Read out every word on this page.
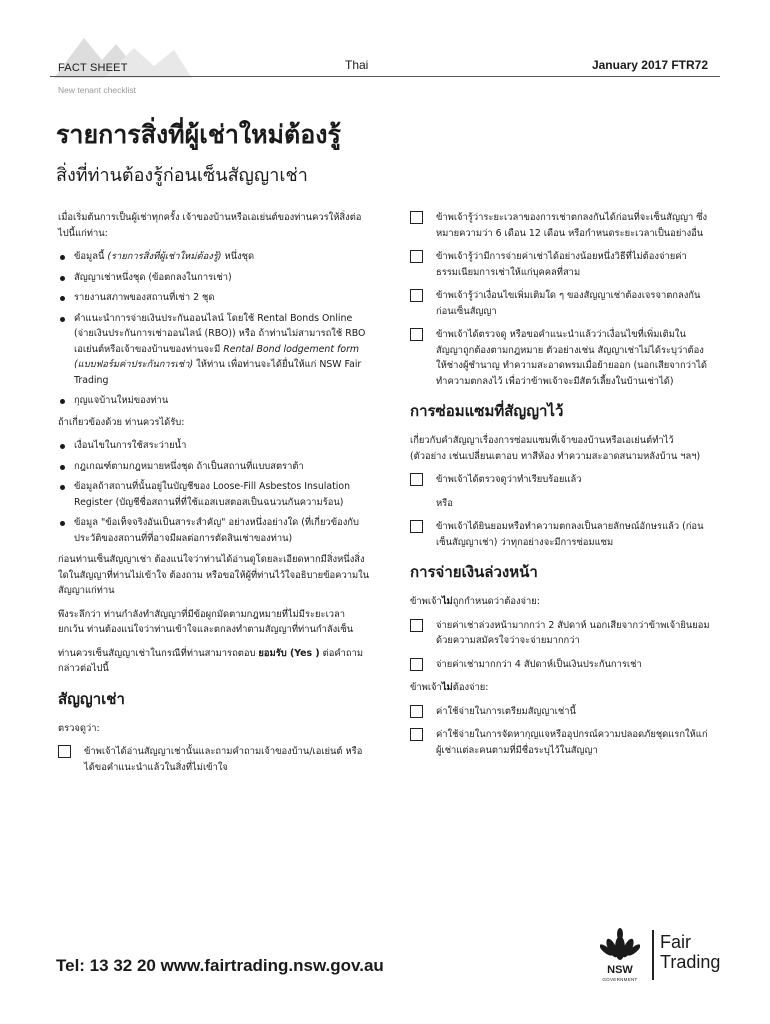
FACT SHEET	Thai	January 2017 FTR72
New tenant checklist
รายการสิ่งที่ผู้เช่าใหม่ต้องรู้
สิ่งที่ท่านต้องรู้ก่อนเซ็นสัญญาเช่า

เมื่อเริ่มต้นการเป็นผู้เช่าทุกครั้ง เจ้าของบ้านหรือเอเย่นต์ของท่านควรให้สิ่งต่อไปนี้แก่ท่าน:

ข้อมูลนี้ (รายการสิ่งที่ผู้เช่าใหม่ต้องรู้) หนึ่งชุด
สัญญาเช่าหนึ่งชุด (ข้อตกลงในการเช่า)
รายงานสภาพของสถานที่เช่า 2 ชุด
คำแนะนำการจ่ายเงินประกันออนไลน์ โดยใช้ Rental Bonds Online (จ่ายเงินประกันการเช่าออนไลน์ (RBO)) หรือ ถ้าท่านไม่สามารถใช้ RBO เอเย่นต์หรือเจ้าของบ้านของท่านจะมี Rental Bond lodgement form (แบบฟอร์มค่าประกันการเช่า) ให้ท่าน เพื่อท่านจะได้ยื่นให้แก่ NSW Fair Trading
กุญแจบ้านใหม่ของท่าน

ถ้าเกี่ยวข้องด้วย ท่านควรได้รับ:

เงื่อนไขในการใช้สระว่ายน้ำ
กฎเกณฑ์ตามกฎหมายหนึ่งชุด ถ้าเป็นสถานที่แบบสตราต้า
ข้อมูลถ้าสถานที่นั้นอยู่ในบัญชีของ Loose-Fill Asbestos Insulation Register (บัญชีชื่อสถานที่ที่ใช้แอสเบสตอสเป็นฉนวนกันความร้อน)
ข้อมูล "ข้อเท็จจริงอันเป็นสาระสำคัญ" อย่างหนึ่งอย่างใด (ที่เกี่ยวข้องกับประวัติของสถานที่ที่อาจมีผลต่อการตัดสินเช่าของท่าน)

ก่อนท่านเซ็นสัญญาเช่า ต้องแน่ใจว่าท่านได้อ่านดูโดยละเอียดหากมีสิ่งหนึ่งสิ่งใดในสัญญาที่ท่านไม่เข้าใจ ต้องถาม หรือขอให้ผู้ที่ท่านไว้ใจอธิบายข้อความในสัญญาแก่ท่าน

พึงระลึกว่า ท่านกำลังทำสัญญาที่มีข้อผูกมัดตามกฎหมายที่ไม่มีระยะเวลายกเว้น ท่านต้องแน่ใจว่าท่านเข้าใจและตกลงทำตามสัญญาที่ท่านกำลังเซ็น

ท่านควรเซ็นสัญญาเช่าในกรณีที่ท่านสามารถตอบ ยอมรับ (Yes ) ต่อคำถามกล่าวต่อไปนี้

สัญญาเช่า

ตรวจดูว่า:

ข้าพเจ้าได้อ่านสัญญาเช่านั้นและถามคำถามเจ้าของบ้าน/เอเย่นต์ หรือได้ขอคำแนะนำแล้วในสิ่งที่ไม่เข้าใจ
ข้าพเจ้ารู้ว่าระยะเวลาของการเช่าตกลงกันได้ก่อนที่จะเซ็นสัญญา ซึ่งหมายความว่า 6 เดือน 12 เดือน หรือกำหนดระยะเวลาเป็นอย่างอื่น
ข้าพเจ้ารู้ว่ามีการจ่ายค่าเช่าได้อย่างน้อยหนึ่งวิธีที่ไม่ต้องจ่ายค่าธรรมเนียมการเช่าให้แก่บุคคลที่สาม
ข้าพเจ้ารู้ว่าเงื่อนไขเพิ่มเติมใด ๆ ของสัญญาเช่าต้องเจรจาตกลงกันก่อนเซ็นสัญญา
ข้าพเจ้าได้ตรวจดู หรือขอคำแนะนำแล้วว่าเงื่อนไขที่เพิ่มเติมในสัญญาถูกต้องตามกฎหมาย ตัวอย่างเช่น สัญญาเช่าไม่ได้ระบุว่าต้องให้ช่างผู้ชำนาญ ทำความสะอาดพรมเมื่อย้ายออก (นอกเสียจากว่าได้ทำความตกลงไว้ เพื่อว่าข้าพเจ้าจะมีสัตว์เลี้ยงในบ้านเช่าได้)
การซ่อมแซมที่สัญญาไว้

เกี่ยวกับคำสัญญาเรื่องการซ่อมแซมที่เจ้าของบ้านหรือเอเย่นต์ทำไว้ (ตัวอย่าง เช่นเปลี่ยนเตาอบ ทาสีห้อง ทำความสะอาดสนามหลังบ้าน ฯลฯ)

ข้าพเจ้าได้ตรวจดูว่าทำเรียบร้อยแล้ว
หรือ
ข้าพเจ้าได้ยินยอมหรือทำความตกลงเป็นลายลักษณ์อักษรแล้ว (ก่อนเซ็นสัญญาเช่า) ว่าทุกอย่างจะมีการซ่อมแซม
การจ่ายเงินล่วงหน้า

ข้าพเจ้าไม่ถูกกำหนดว่าต้องจ่าย:

จ่ายค่าเช่าล่วงหน้ามากกว่า 2 สัปดาห์ นอกเสียจากว่าข้าพเจ้ายินยอมด้วยความสมัครใจว่าจะจ่ายมากกว่า
จ่ายค่าเช่ามากกว่า 4 สัปดาห์เป็นเงินประกันการเช่า

ข้าพเจ้าไม่ต้องจ่าย:

ค่าใช้จ่ายในการเตรียมสัญญาเช่านี้
ค่าใช้จ่ายในการจัดหากุญแจหรืออุปกรณ์ความปลอดภัยชุดแรกให้แก่ผู้เช่าแต่ละคนตามที่มีชื่อระบุไว้ในสัญญา
Tel: 13 32 20 www.fairtrading.nsw.gov.au	NSW
GOVERNMENT
Fair
Trading
